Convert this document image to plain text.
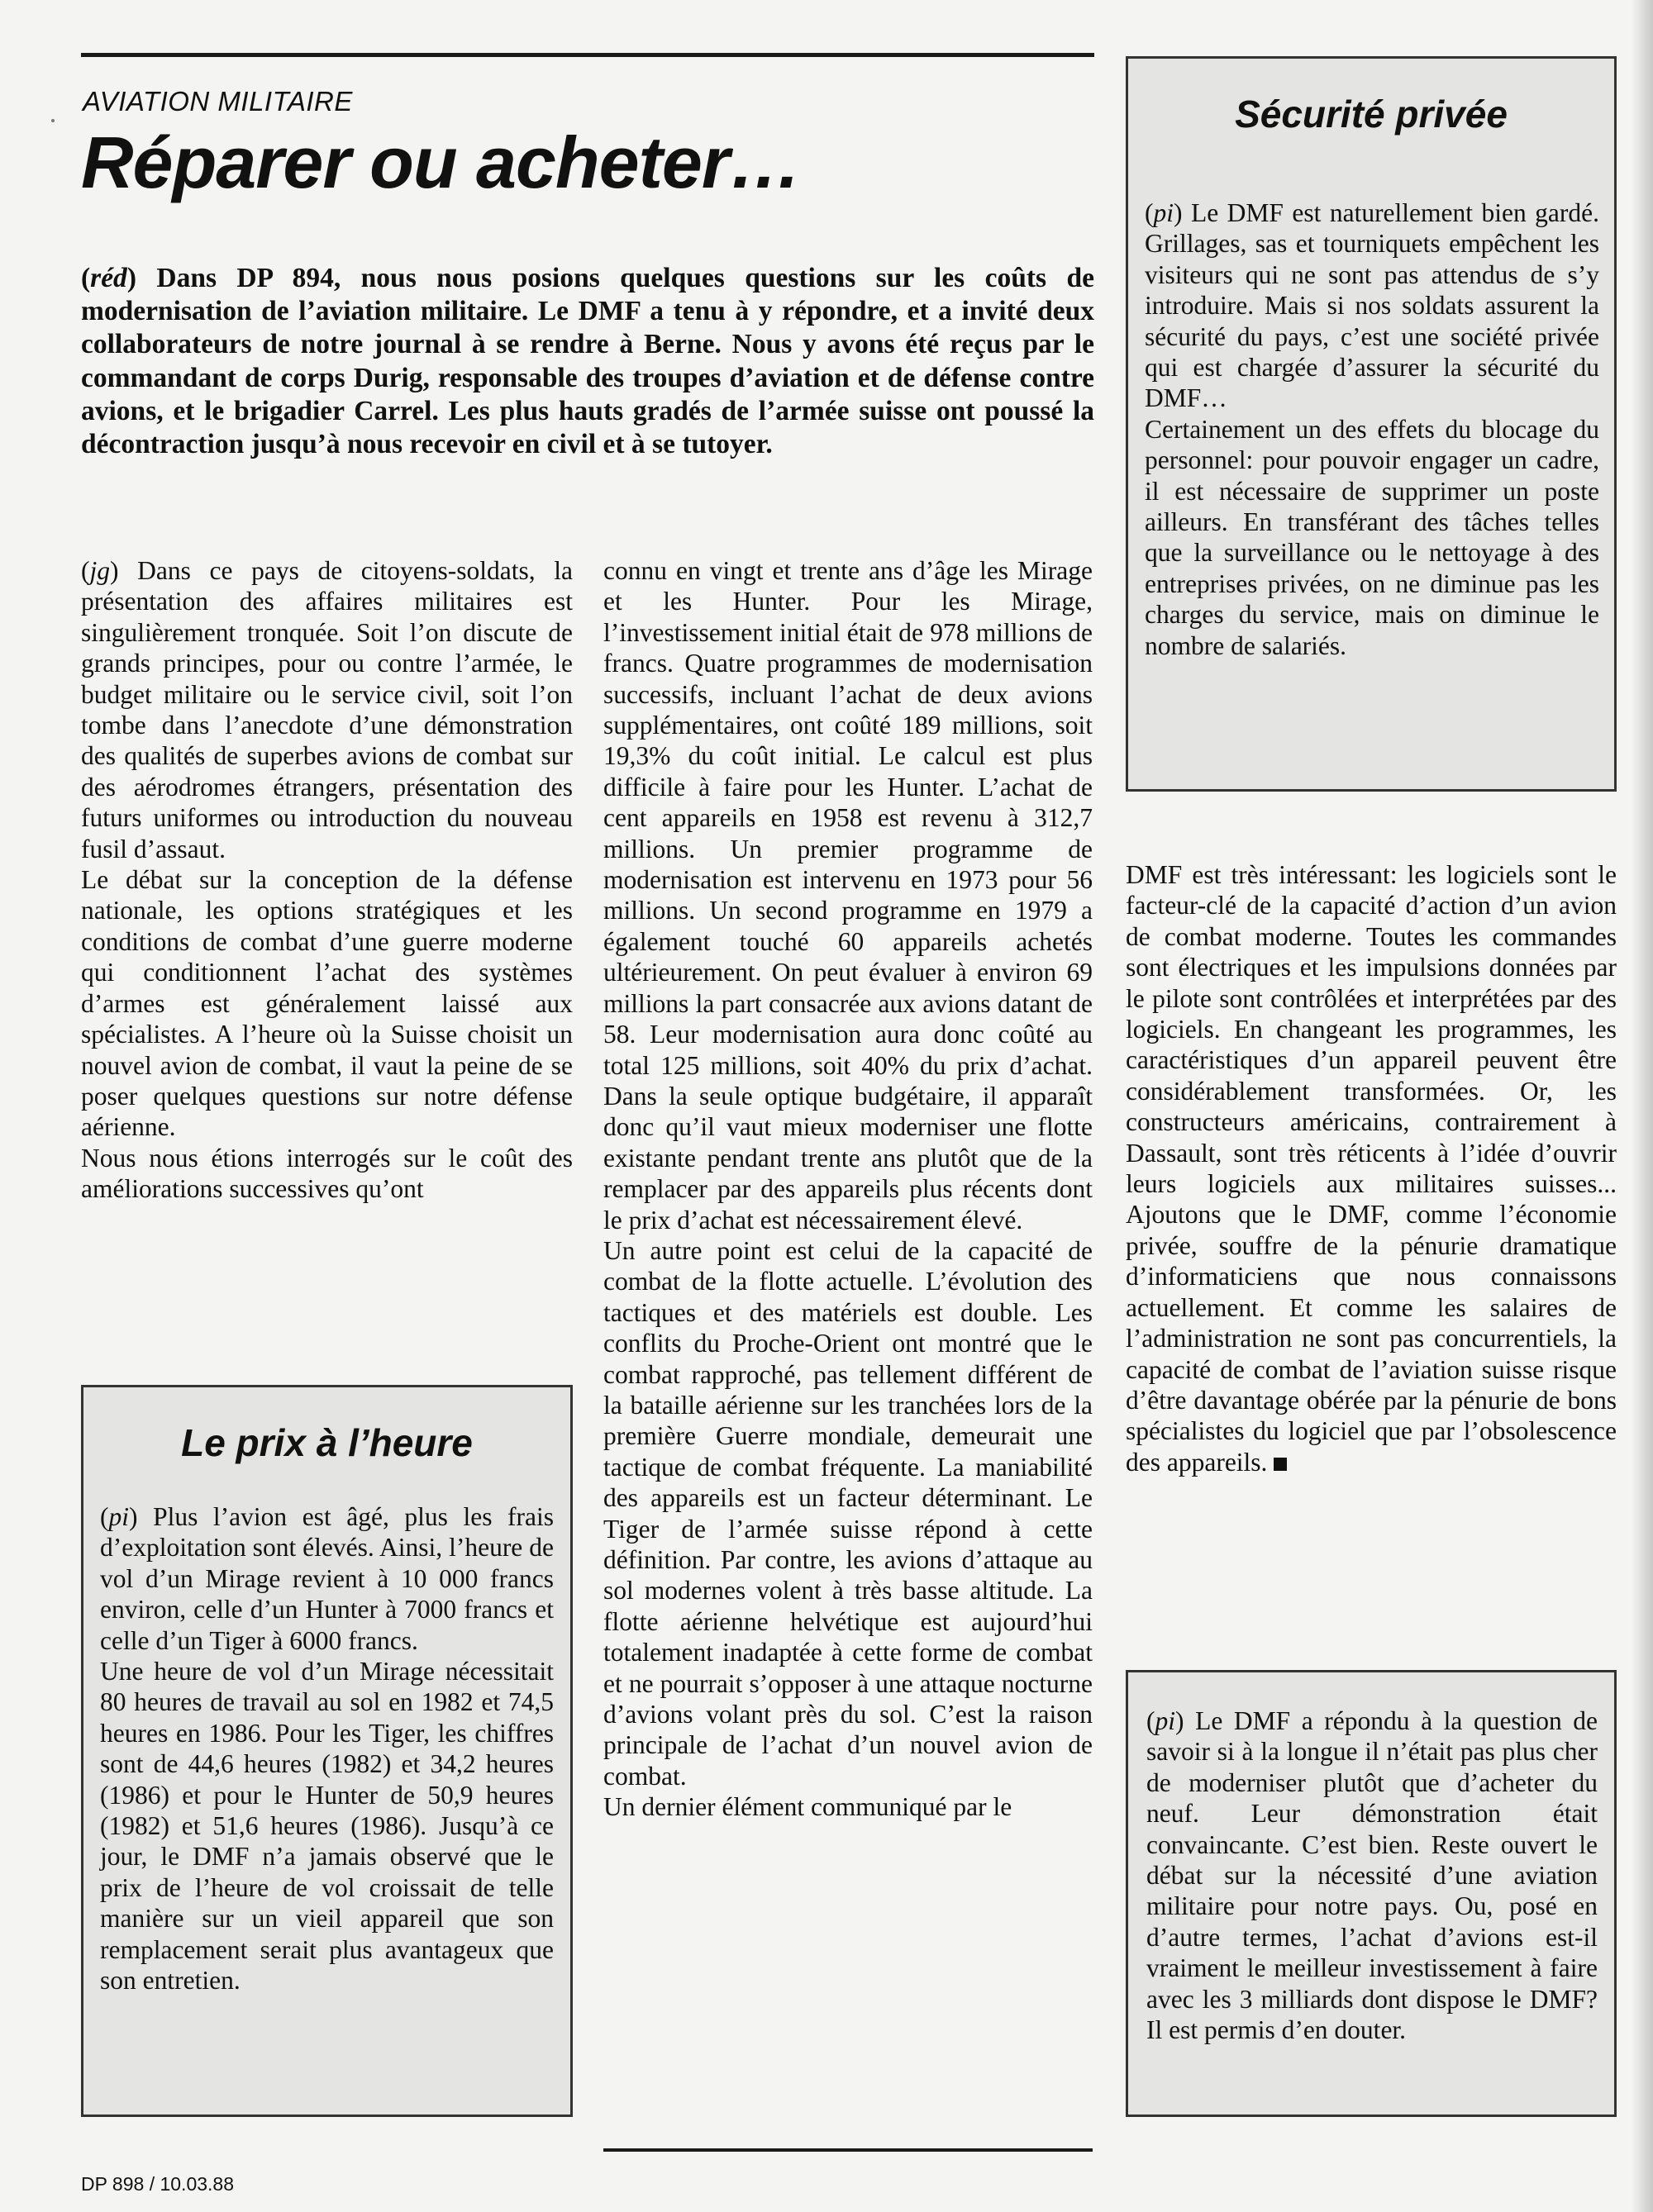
AVIATION MILITAIRE
Réparer ou acheter…
(réd) Dans DP 894, nous nous posions quelques questions sur les coûts de modernisation de l’aviation militaire. Le DMF a tenu à y répondre, et a invité deux collaborateurs de notre journal à se rendre à Berne. Nous y avons été reçus par le commandant de corps Durig, responsable des troupes d’aviation et de défense contre avions, et le brigadier Carrel. Les plus hauts gradés de l’armée suisse ont poussé la décontraction jusqu’à nous recevoir en civil et à se tutoyer.

(jg) Dans ce pays de citoyens-soldats, la présentation des affaires militaires est singulièrement tronquée. Soit l’on discute de grands principes, pour ou contre l’armée, le budget militaire ou le service civil, soit l’on tombe dans l’anecdote d’une démonstration des qualités de superbes avions de combat sur des aérodromes étrangers, présentation des futurs uniformes ou introduction du nouveau fusil d’assaut.

Le débat sur la conception de la défense nationale, les options stratégiques et les conditions de combat d’une guerre moderne qui conditionnent l’achat des systèmes d’armes est généralement laissé aux spécialistes. A l’heure où la Suisse choisit un nouvel avion de combat, il vaut la peine de se poser quelques questions sur notre défense aérienne.

Nous nous étions interrogés sur le coût des améliorations successives qu’ont

Le prix à l’heure

(pi) Plus l’avion est âgé, plus les frais d’exploitation sont élevés. Ainsi, l’heure de vol d’un Mirage revient à 10 000 francs environ, celle d’un Hunter à 7000 francs et celle d’un Tiger à 6000 francs.

Une heure de vol d’un Mirage nécessitait 80 heures de travail au sol en 1982 et 74,5 heures en 1986. Pour les Tiger, les chiffres sont de 44,6 heures (1982) et 34,2 heures (1986) et pour le Hunter de 50,9 heures (1982) et 51,6 heures (1986). Jusqu’à ce jour, le DMF n’a jamais observé que le prix de l’heure de vol croissait de telle manière sur un vieil appareil que son remplacement serait plus avantageux que son entretien.

connu en vingt et trente ans d’âge les Mirage et les Hunter. Pour les Mirage, l’investissement initial était de 978 millions de francs. Quatre programmes de modernisation successifs, incluant l’achat de deux avions supplémentaires, ont coûté 189 millions, soit 19,3% du coût initial. Le calcul est plus difficile à faire pour les Hunter. L’achat de cent appareils en 1958 est revenu à 312,7 millions. Un premier programme de modernisation est intervenu en 1973 pour 56 millions. Un second programme en 1979 a également touché 60 appareils achetés ultérieurement. On peut évaluer à environ 69 millions la part consacrée aux avions datant de 58. Leur modernisation aura donc coûté au total 125 millions, soit 40% du prix d’achat. Dans la seule optique budgétaire, il apparaît donc qu’il vaut mieux moderniser une flotte existante pendant trente ans plutôt que de la remplacer par des appareils plus récents dont le prix d’achat est nécessairement élevé.

Un autre point est celui de la capacité de combat de la flotte actuelle. L’évolution des tactiques et des matériels est double. Les conflits du Proche-Orient ont montré que le combat rapproché, pas tellement différent de la bataille aérienne sur les tranchées lors de la première Guerre mondiale, demeurait une tactique de combat fréquente. La maniabilité des appareils est un facteur déterminant. Le Tiger de l’armée suisse répond à cette définition. Par contre, les avions d’attaque au sol modernes volent à très basse altitude. La flotte aérienne helvétique est aujourd’hui totalement inadaptée à cette forme de combat et ne pourrait s’opposer à une attaque nocturne d’avions volant près du sol. C’est la raison principale de l’achat d’un nouvel avion de combat.

Un dernier élément communiqué par le

Sécurité privée

(pi) Le DMF est naturellement bien gardé. Grillages, sas et tourniquets empêchent les visiteurs qui ne sont pas attendus de s’y introduire. Mais si nos soldats assurent la sécurité du pays, c’est une société privée qui est chargée d’assurer la sécurité du DMF…

Certainement un des effets du blocage du personnel: pour pouvoir engager un cadre, il est nécessaire de supprimer un poste ailleurs. En transférant des tâches telles que la surveillance ou le nettoyage à des entreprises privées, on ne diminue pas les charges du service, mais on diminue le nombre de salariés.

DMF est très intéressant: les logiciels sont le facteur-clé de la capacité d’action d’un avion de combat moderne. Toutes les commandes sont électriques et les impulsions données par le pilote sont contrôlées et interprétées par des logiciels. En changeant les programmes, les caractéristiques d’un appareil peuvent être considérablement transformées. Or, les constructeurs américains, contrairement à Dassault, sont très réticents à l’idée d’ouvrir leurs logiciels aux militaires suisses... Ajoutons que le DMF, comme l’économie privée, souffre de la pénurie dramatique d’informaticiens que nous connaissons actuellement. Et comme les salaires de l’administration ne sont pas concurrentiels, la capacité de combat de l’aviation suisse risque d’être davantage obérée par la pénurie de bons spécialistes du logiciel que par l’obsolescence des appareils.

(pi) Le DMF a répondu à la question de savoir si à la longue il n’était pas plus cher de moderniser plutôt que d’acheter du neuf. Leur démonstration était convaincante. C’est bien. Reste ouvert le débat sur la nécessité d’une aviation militaire pour notre pays. Ou, posé en d’autre termes, l’achat d’avions est-il vraiment le meilleur investissement à faire avec les 3 milliards dont dispose le DMF? Il est permis d’en douter.

DP 898 / 10.03.88
